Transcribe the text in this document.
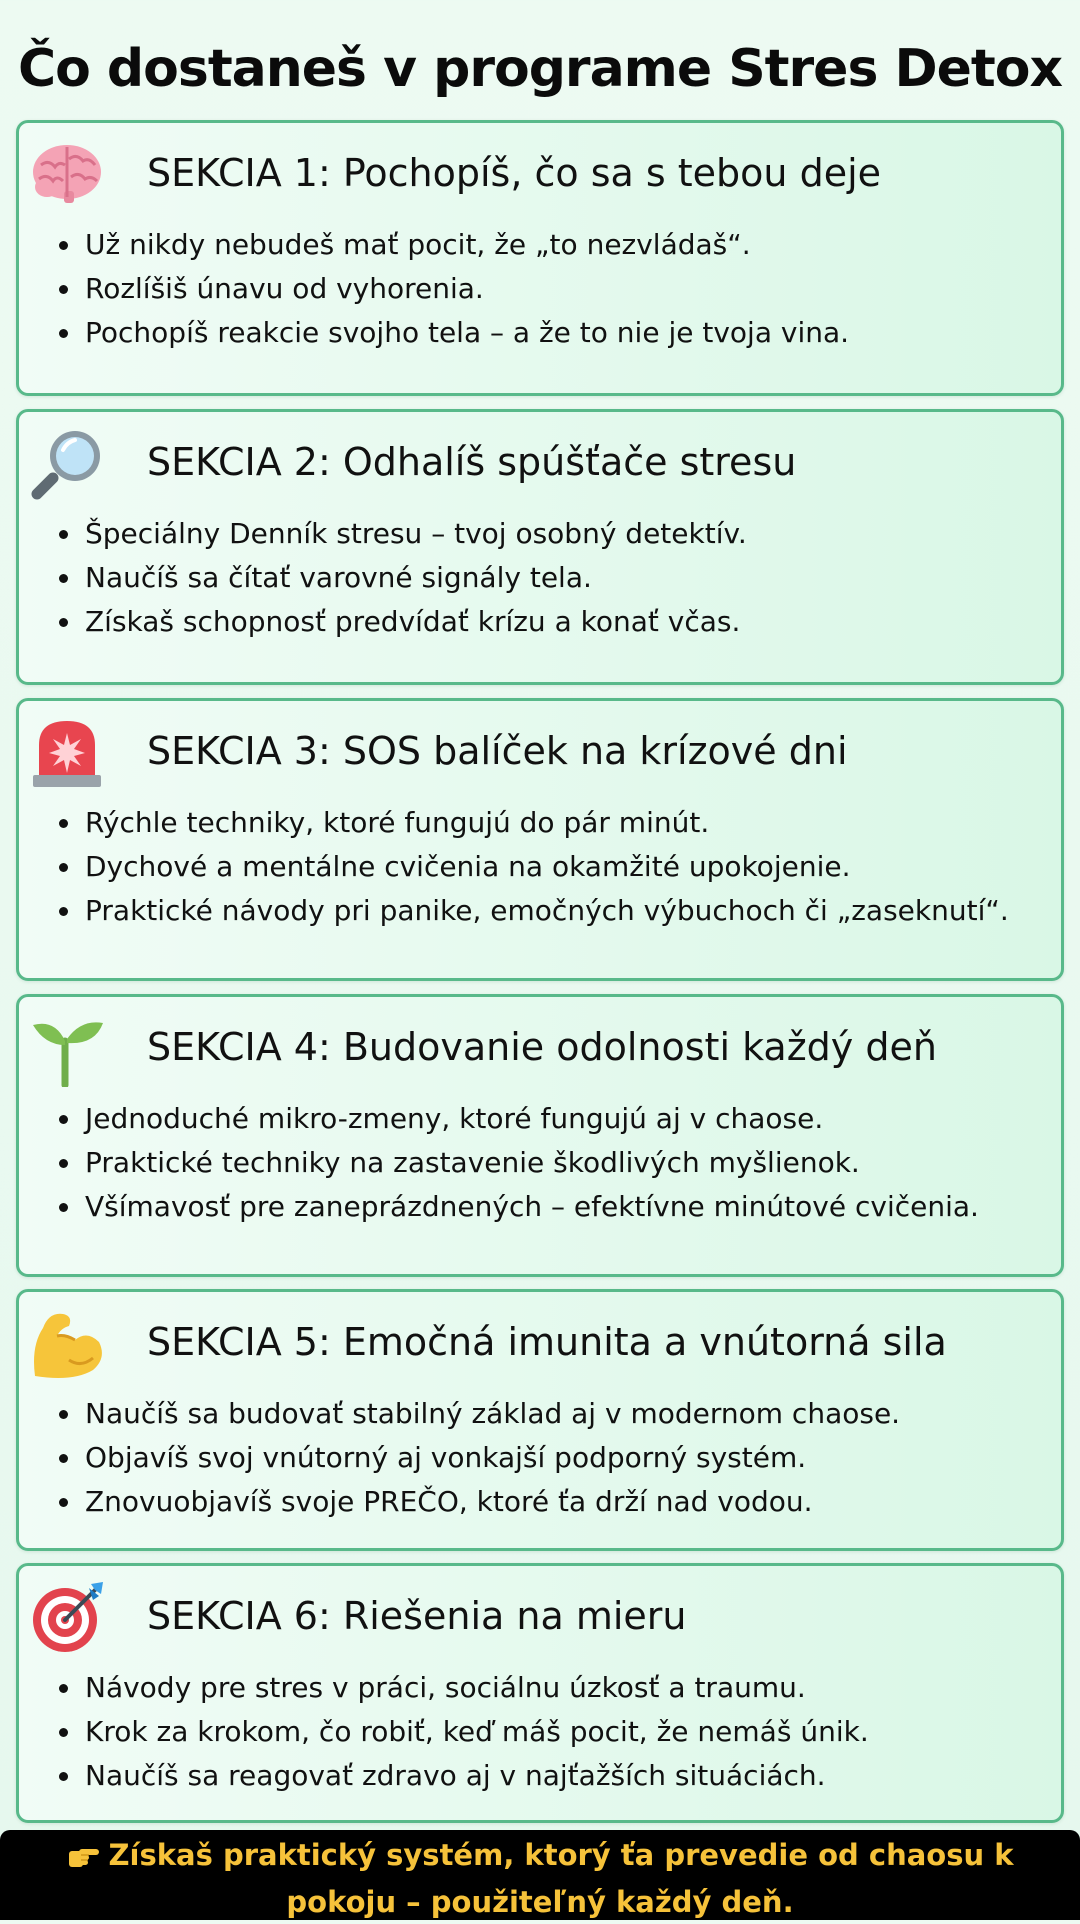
Čo dostaneš v programe Stres Detox
SEKCIA 1: Pochopíš, čo sa s tebou deje
Už nikdy nebudeš mať pocit, že „to nezvládaš“.
Rozlíšiš únavu od vyhorenia.
Pochopíš reakcie svojho tela – a že to nie je tvoja vina.
SEKCIA 2: Odhalíš spúšťače stresu
Špeciálny Denník stresu – tvoj osobný detektív.
Naučíš sa čítať varovné signály tela.
Získaš schopnosť predvídať krízu a konať včas.
SEKCIA 3: SOS balíček na krízové dni
Rýchle techniky, ktoré fungujú do pár minút.
Dychové a mentálne cvičenia na okamžité upokojenie.
Praktické návody pri panike, emočných výbuchoch či „zaseknutí“.
SEKCIA 4: Budovanie odolnosti každý deň
Jednoduché mikro-zmeny, ktoré fungujú aj v chaose.
Praktické techniky na zastavenie škodlivých myšlienok.
Všímavosť pre zaneprázdnených – efektívne minútové cvičenia.
SEKCIA 5: Emočná imunita a vnútorná sila
Naučíš sa budovať stabilný základ aj v modernom chaose.
Objavíš svoj vnútorný aj vonkajší podporný systém.
Znovuobjavíš svoje PREČO, ktoré ťa drží nad vodou.
SEKCIA 6: Riešenia na mieru
Návody pre stres v práci, sociálnu úzkosť a traumu.
Krok za krokom, čo robiť, keď máš pocit, že nemáš únik.
Naučíš sa reagovať zdravo aj v najťažších situáciách.
Získaš praktický systém, ktorý ťa prevedie od chaosu k pokoju – použiteľný každý deň.
